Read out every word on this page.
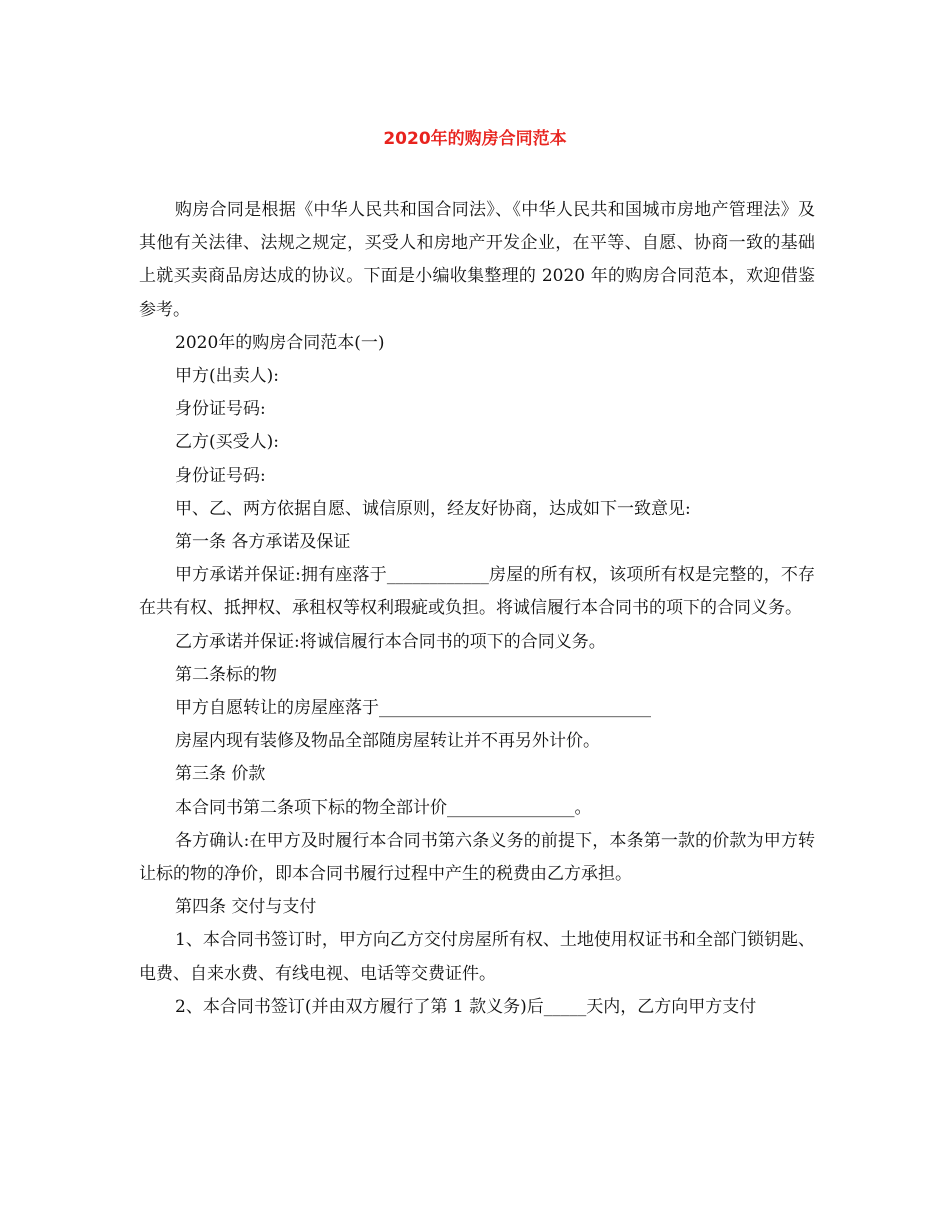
2020年的购房合同范本

购房合同是根据《中华人民共和国合同法》、《中华人民共和国城市房地产管理法》及其他有关法律、法规之规定，买受人和房地产开发企业，在平等、自愿、协商一致的基础上就买卖商品房达成的协议。下面是小编收集整理的 2020 年的购房合同范本，欢迎借鉴参考。

2020年的购房合同范本(一)

甲方(出卖人):

身份证号码:

乙方(买受人):

身份证号码:

甲、乙、两方依据自愿、诚信原则，经友好协商，达成如下一致意见:

第一条 各方承诺及保证

甲方承诺并保证:拥有座落于____________房屋的所有权，该项所有权是完整的，不存在共有权、抵押权、承租权等权利瑕疵或负担。将诚信履行本合同书的项下的合同义务。

乙方承诺并保证:将诚信履行本合同书的项下的合同义务。

第二条标的物

甲方自愿转让的房屋座落于________________________________

房屋内现有装修及物品全部随房屋转让并不再另外计价。

第三条 价款

本合同书第二条项下标的物全部计价_______________。

各方确认:在甲方及时履行本合同书第六条义务的前提下，本条第一款的价款为甲方转让标的物的净价，即本合同书履行过程中产生的税费由乙方承担。

第四条 交付与支付

1、本合同书签订时，甲方向乙方交付房屋所有权、土地使用权证书和全部门锁钥匙、电费、自来水费、有线电视、电话等交费证件。

2、本合同书签订(并由双方履行了第 1 款义务)后_____天内，乙方向甲方支付
